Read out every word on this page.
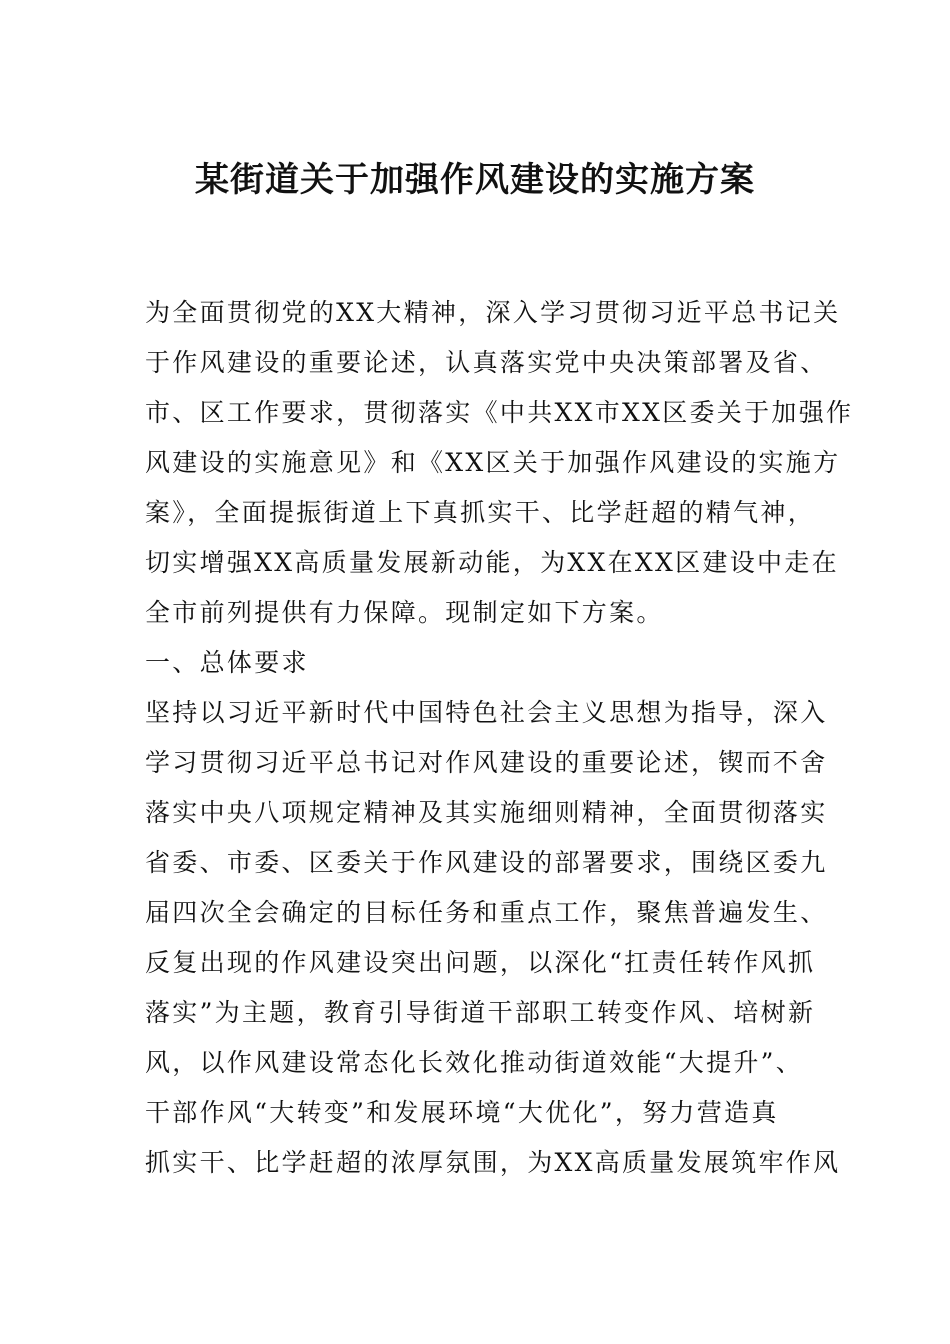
某街道关于加强作风建设的实施方案
为全面贯彻党的XX大精神，深入学习贯彻习近平总书记关
于作风建设的重要论述，认真落实党中央决策部署及省、
市、区工作要求，贯彻落实《中共XX市XX区委关于加强作
风建设的实施意见》和《XX区关于加强作风建设的实施方
案》，全面提振街道上下真抓实干、比学赶超的精气神，
切实增强XX高质量发展新动能，为XX在XX区建设中走在
全市前列提供有力保障。现制定如下方案。
一、总体要求
坚持以习近平新时代中国特色社会主义思想为指导，深入
学习贯彻习近平总书记对作风建设的重要论述，锲而不舍
落实中央八项规定精神及其实施细则精神，全面贯彻落实
省委、市委、区委关于作风建设的部署要求，围绕区委九
届四次全会确定的目标任务和重点工作，聚焦普遍发生、
反复出现的作风建设突出问题，以深化“扛责任转作风抓
落实”为主题，教育引导街道干部职工转变作风、培树新
风，以作风建设常态化长效化推动街道效能“大提升”、
干部作风“大转变”和发展环境“大优化”，努力营造真
抓实干、比学赶超的浓厚氛围，为XX高质量发展筑牢作风
